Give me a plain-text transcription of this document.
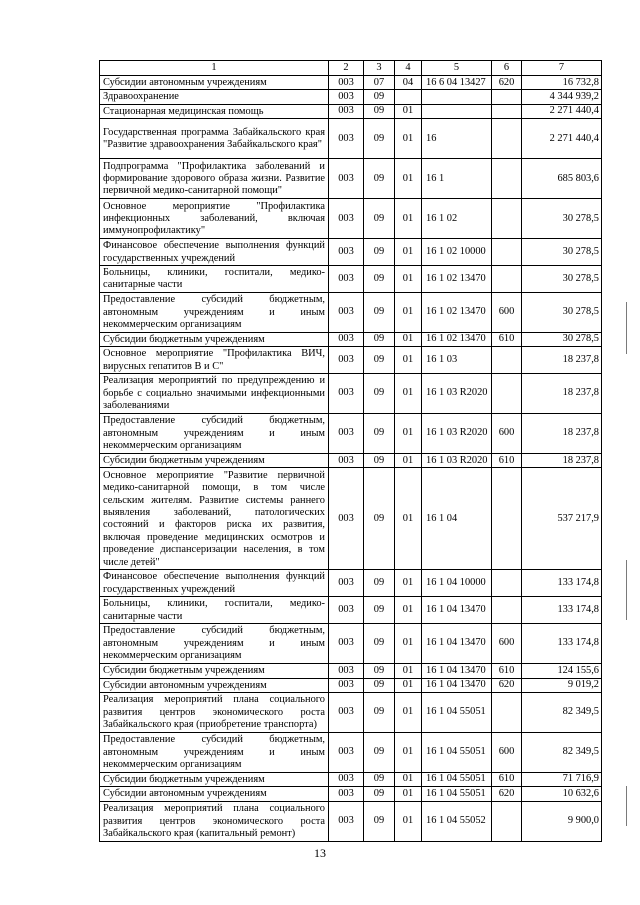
1	2	3	4	5	6	7
Субсидии автономным учреждениям	003	07	04	16 6 04 13427	620	16 732,8
Здравоохранение	003	09				4 344 939,2
Стационарная медицинская помощь	003	09	01			2 271 440,4
Государственная программа Забайкальского края "Развитие здравоохранения Забайкальского края"	003	09	01	16		2 271 440,4
Подпрограмма "Профилактика заболеваний и формирование здорового образа жизни. Развитие первичной медико-санитарной помощи"	003	09	01	16 1		685 803,6
Основное мероприятие "Профилактика инфекционных заболеваний, включая иммунопрофилактику"	003	09	01	16 1 02		30 278,5
Финансовое обеспечение выполнения функций государственных учреждений	003	09	01	16 1 02 10000		30 278,5
Больницы, клиники, госпитали, медико-санитарные части	003	09	01	16 1 02 13470		30 278,5
Предоставление субсидий бюджетным, автономным учреждениям и иным некоммерческим организациям	003	09	01	16 1 02 13470	600	30 278,5
Субсидии бюджетным учреждениям	003	09	01	16 1 02 13470	610	30 278,5
Основное мероприятие "Профилактика ВИЧ, вирусных гепатитов В и С"	003	09	01	16 1 03		18 237,8
Реализация мероприятий по предупреждению и борьбе с социально значимыми инфекционными заболеваниями	003	09	01	16 1 03 R2020		18 237,8
Предоставление субсидий бюджетным, автономным учреждениям и иным некоммерческим организациям	003	09	01	16 1 03 R2020	600	18 237,8
Субсидии бюджетным учреждениям	003	09	01	16 1 03 R2020	610	18 237,8
Основное мероприятие "Развитие первичной медико-санитарной помощи, в том числе сельским жителям. Развитие системы раннего выявления заболеваний, патологических состояний и факторов риска их развития, включая проведение медицинских осмотров и проведение диспансеризации населения, в том числе детей"	003	09	01	16 1 04		537 217,9
Финансовое обеспечение выполнения функций государственных учреждений	003	09	01	16 1 04 10000		133 174,8
Больницы, клиники, госпитали, медико-санитарные части	003	09	01	16 1 04 13470		133 174,8
Предоставление субсидий бюджетным, автономным учреждениям и иным некоммерческим организациям	003	09	01	16 1 04 13470	600	133 174,8
Субсидии бюджетным учреждениям	003	09	01	16 1 04 13470	610	124 155,6
Субсидии автономным учреждениям	003	09	01	16 1 04 13470	620	9 019,2
Реализация мероприятий плана социального развития центров экономического роста Забайкальского края (приобретение транспорта)	003	09	01	16 1 04 55051		82 349,5
Предоставление субсидий бюджетным, автономным учреждениям и иным некоммерческим организациям	003	09	01	16 1 04 55051	600	82 349,5
Субсидии бюджетным учреждениям	003	09	01	16 1 04 55051	610	71 716,9
Субсидии автономным учреждениям	003	09	01	16 1 04 55051	620	10 632,6
Реализация мероприятий плана социального развития центров экономического роста Забайкальского края (капитальный ремонт)	003	09	01	16 1 04 55052		9 900,0
13
